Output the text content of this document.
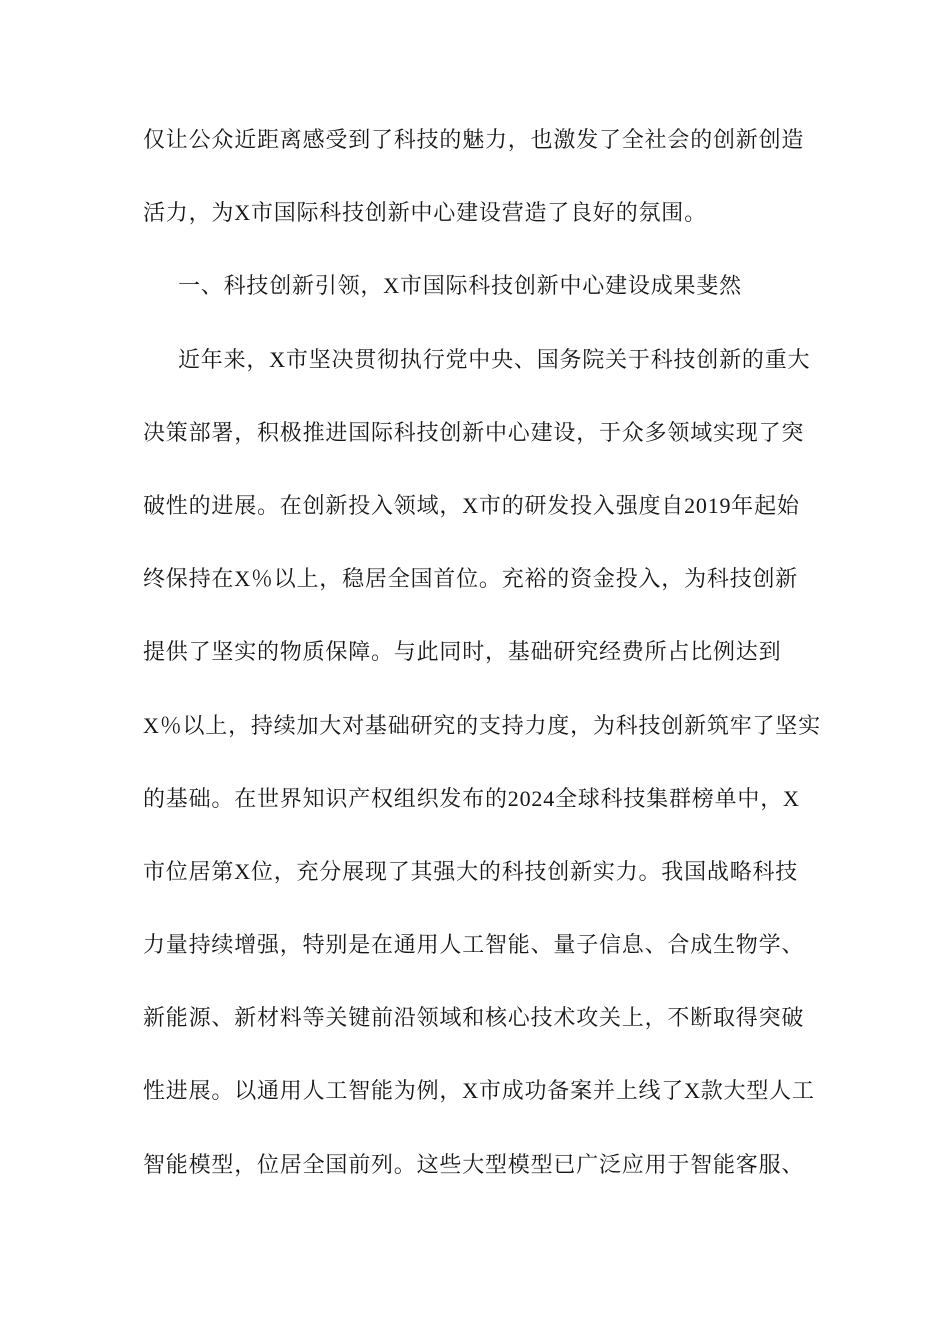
仅让公众近距离感受到了科技的魅力，也激发了全社会的创新创造
活力，为X市国际科技创新中心建设营造了良好的氛围。
一、科技创新引领，X市国际科技创新中心建设成果斐然
近年来，X市坚决贯彻执行党中央、国务院关于科技创新的重大
决策部署，积极推进国际科技创新中心建设，于众多领域实现了突
破性的进展。在创新投入领域，X市的研发投入强度自2019年起始
终保持在X％以上，稳居全国首位。充裕的资金投入，为科技创新
提供了坚实的物质保障。与此同时，基础研究经费所占比例达到
X％以上，持续加大对基础研究的支持力度，为科技创新筑牢了坚实
的基础。在世界知识产权组织发布的2024全球科技集群榜单中，X
市位居第X位，充分展现了其强大的科技创新实力。我国战略科技
力量持续增强，特别是在通用人工智能、量子信息、合成生物学、
新能源、新材料等关键前沿领域和核心技术攻关上，不断取得突破
性进展。以通用人工智能为例，X市成功备案并上线了X款大型人工
智能模型，位居全国前列。这些大型模型已广泛应用于智能客服、
